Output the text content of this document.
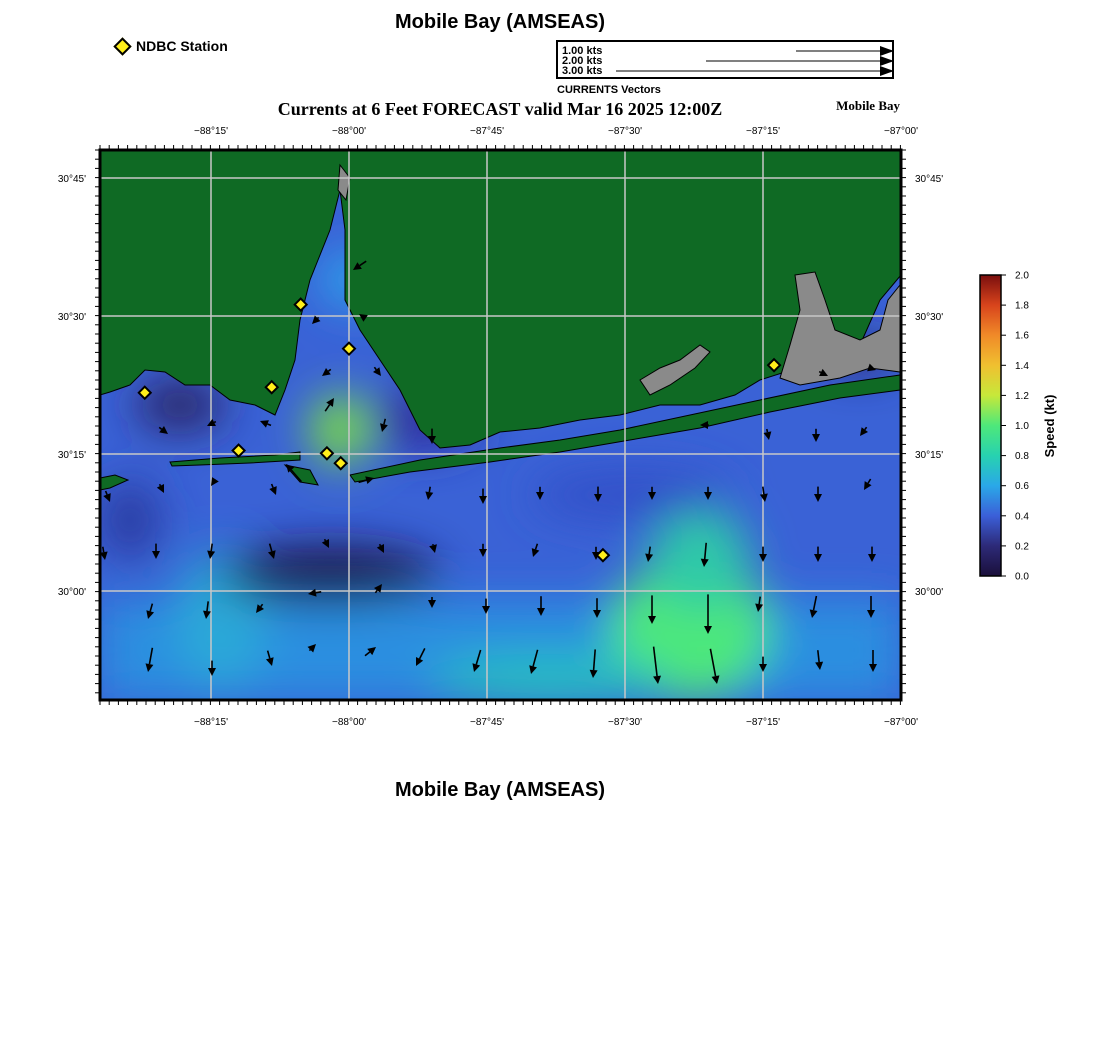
Mobile Bay (AMSEAS)
NDBC Station	1.00 kts
2.00 kts
3.00 kts
CURRENTS Vectors
Currents at 6 Feet FORECAST valid Mar 16 2025 12:00Z	Mobile Bay
−88°15'	−88°00'	−87°45'	−87°30'	−87°15'	−87°00'
−88°15'	−88°00'	−87°45'	−87°30'	−87°15'	−87°00'
30°45'
30°30'
30°15'
30°00'
30°45'
30°30'
30°15'
30°00'
0.0
0.2
0.4
0.6
0.8
1.0
1.2
1.4
1.6
1.8
2.0
Speed (kt)
Mobile Bay (AMSEAS)
